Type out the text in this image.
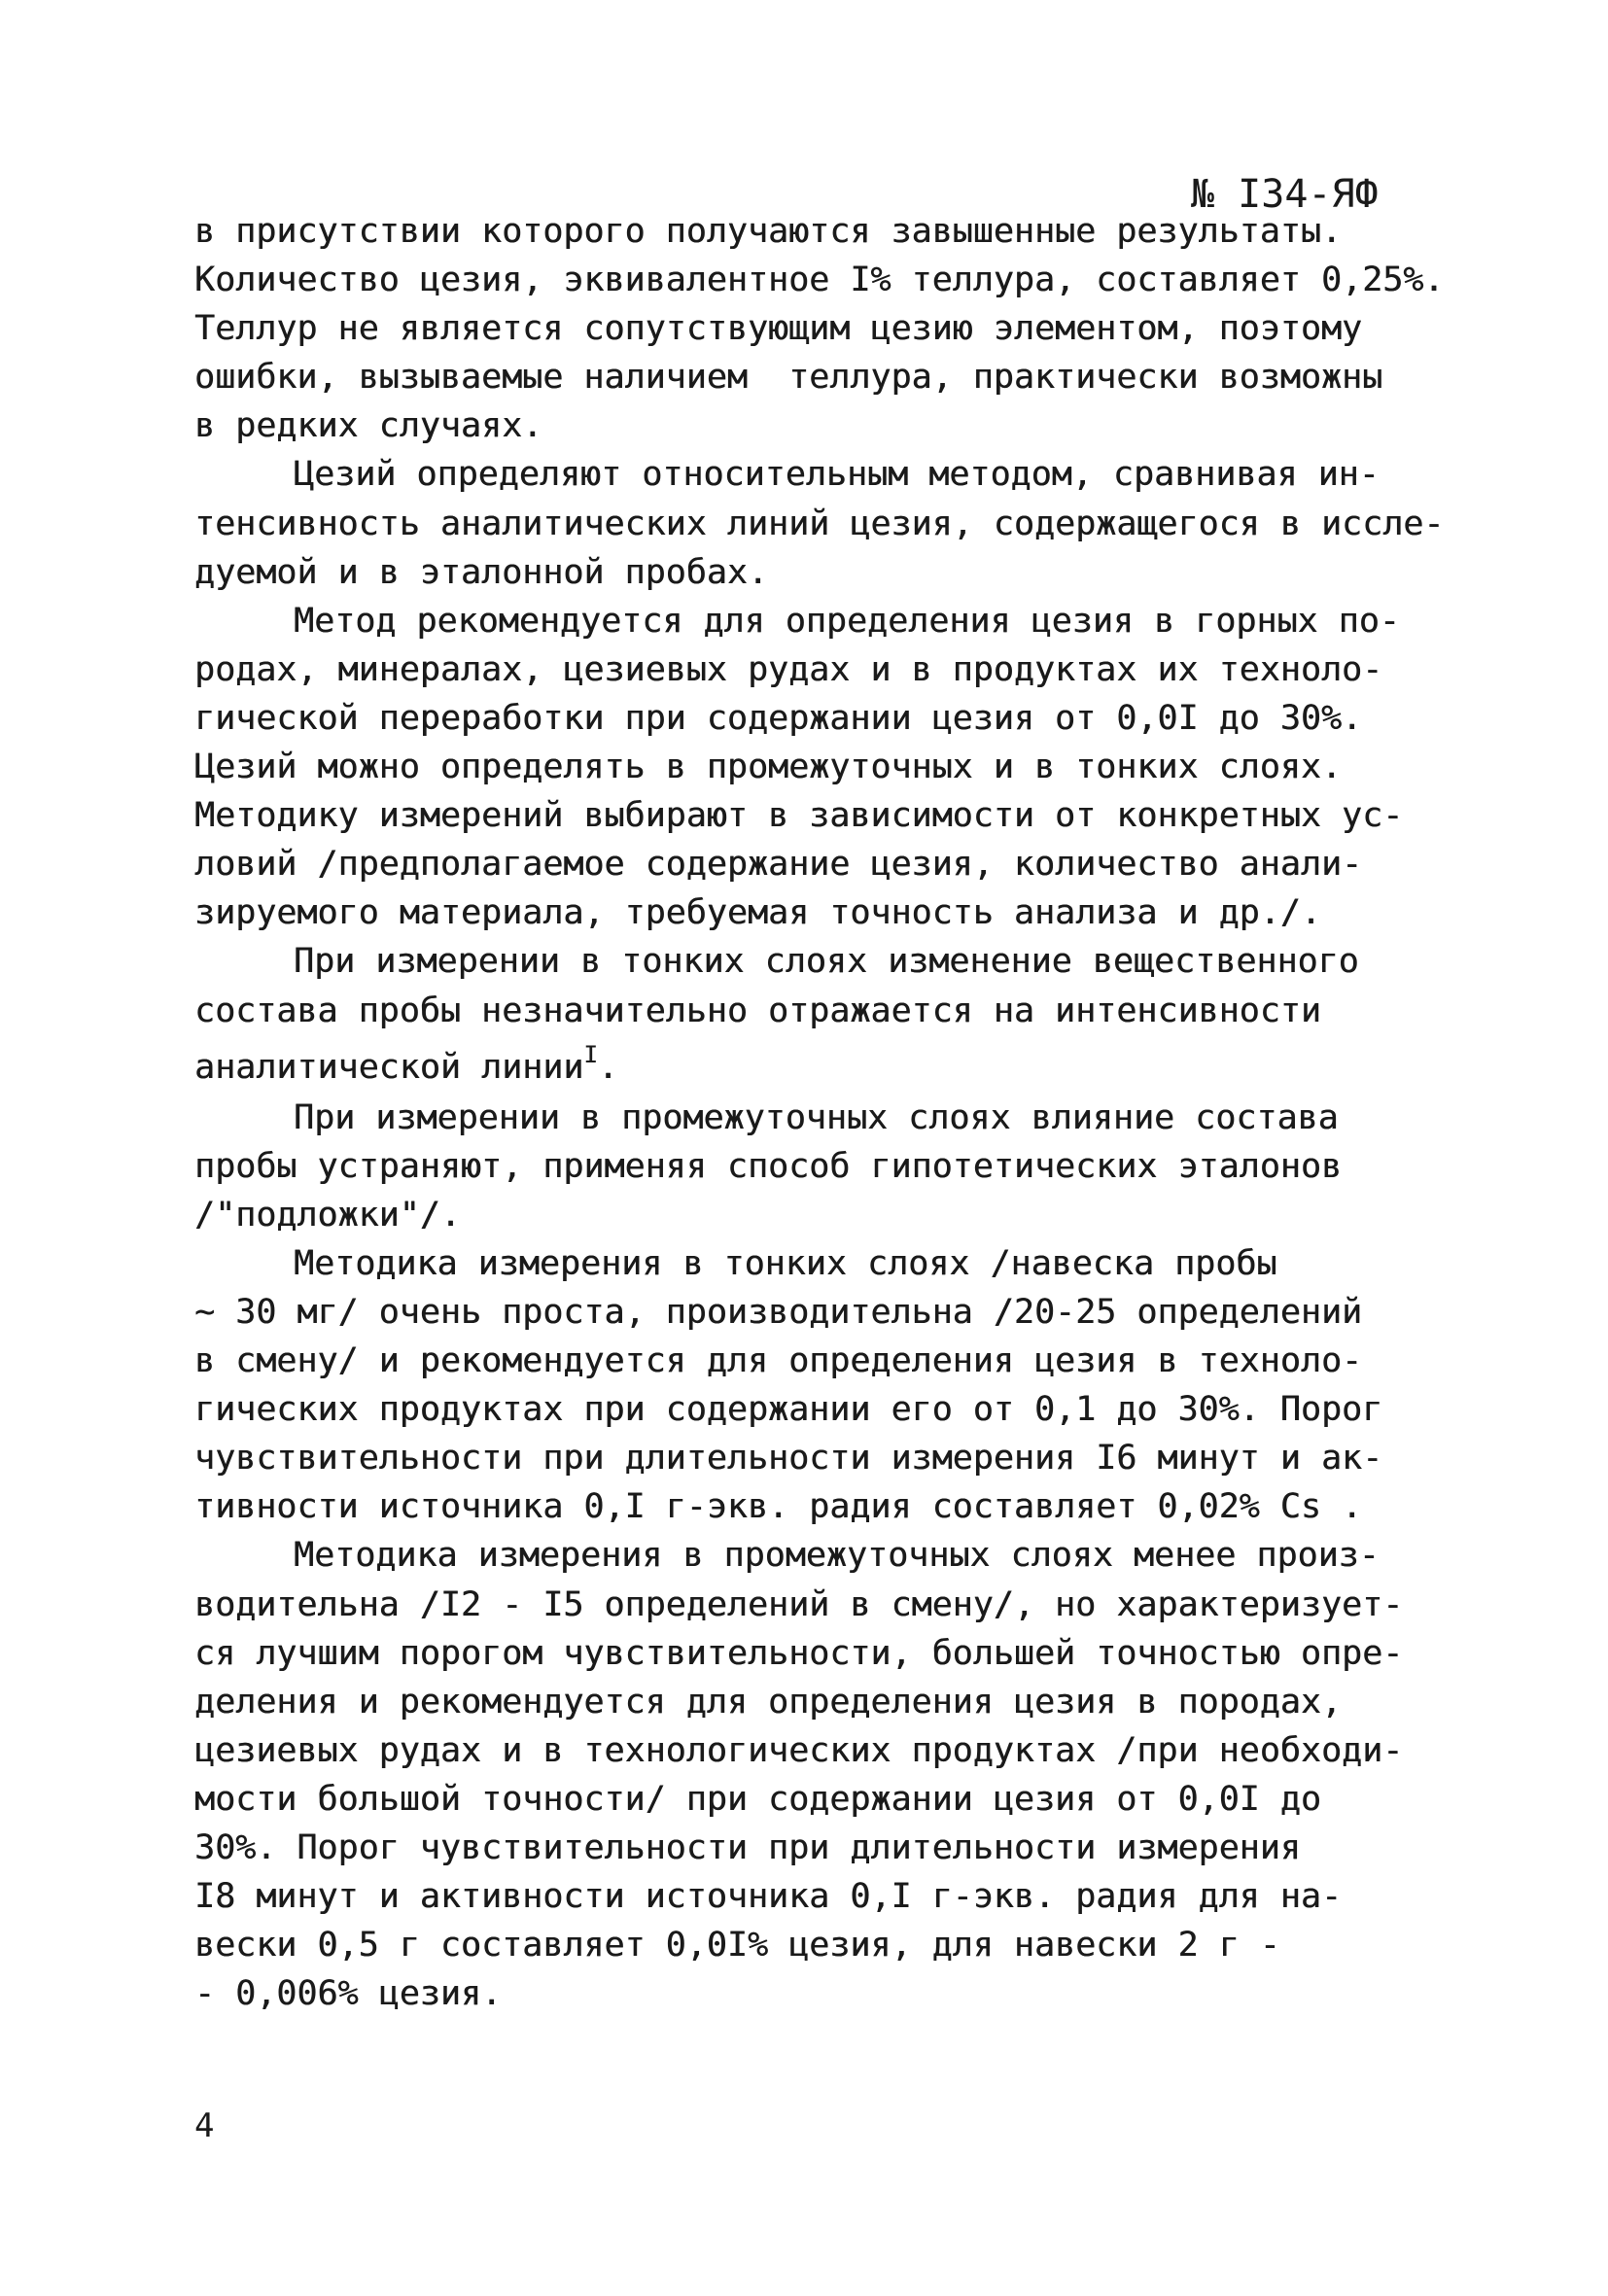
№ I34-ЯФ
в присутствии которого получаются завышенные результаты.
Количество цезия, эквивалентное I% теллура, составляет 0,25%.
Теллур не является сопутствующим цезию элементом, поэтому
ошибки, вызываемые наличием  теллура, практически возможны
в редких случаях.
Цезий определяют относительным методом, сравнивая ин-
тенсивность аналитических линий цезия, содержащегося в иссле-
дуемой и в эталонной пробах.
Метод рекомендуется для определения цезия в горных по-
родах, минералах, цезиевых рудах и в продуктах их техноло-
гической переработки при содержании цезия от 0,0I до 30%.
Цезий можно определять в промежуточных и в тонких слоях.
Методику измерений выбирают в зависимости от конкретных ус-
ловий /предполагаемое содержание цезия, количество анали-
зируемого материала, требуемая точность анализа и др./.
При измерении в тонких слоях изменение вещественного
состава пробы незначительно отражается на интенсивности
аналитической линии$^I$.
При измерении в промежуточных слоях влияние состава
пробы устраняют, применяя способ гипотетических эталонов
/"подложки"/.
Методика измерения в тонких слоях /навеска пробы
~ 30 мг/ очень проста, производительна /20-25 определений
в смену/ и рекомендуется для определения цезия в техноло-
гических продуктах при содержании его от 0,1 до 30%. Порог
чувствительности при длительности измерения I6 минут и ак-
тивности источника 0,I г-экв. радия составляет 0,02% Cs .
Методика измерения в промежуточных слоях менее произ-
водительна /I2 - I5 определений в смену/, но характеризует-
ся лучшим порогом чувствительности, большей точностью опре-
деления и рекомендуется для определения цезия в породах,
цезиевых рудах и в технологических продуктах /при необходи-
мости большой точности/ при содержании цезия от 0,0I до
30%. Порог чувствительности при длительности измерения
I8 минут и активности источника 0,I г-экв. радия для на-
вески 0,5 г составляет 0,0I% цезия, для навески 2 г -
- 0,006% цезия.
4
